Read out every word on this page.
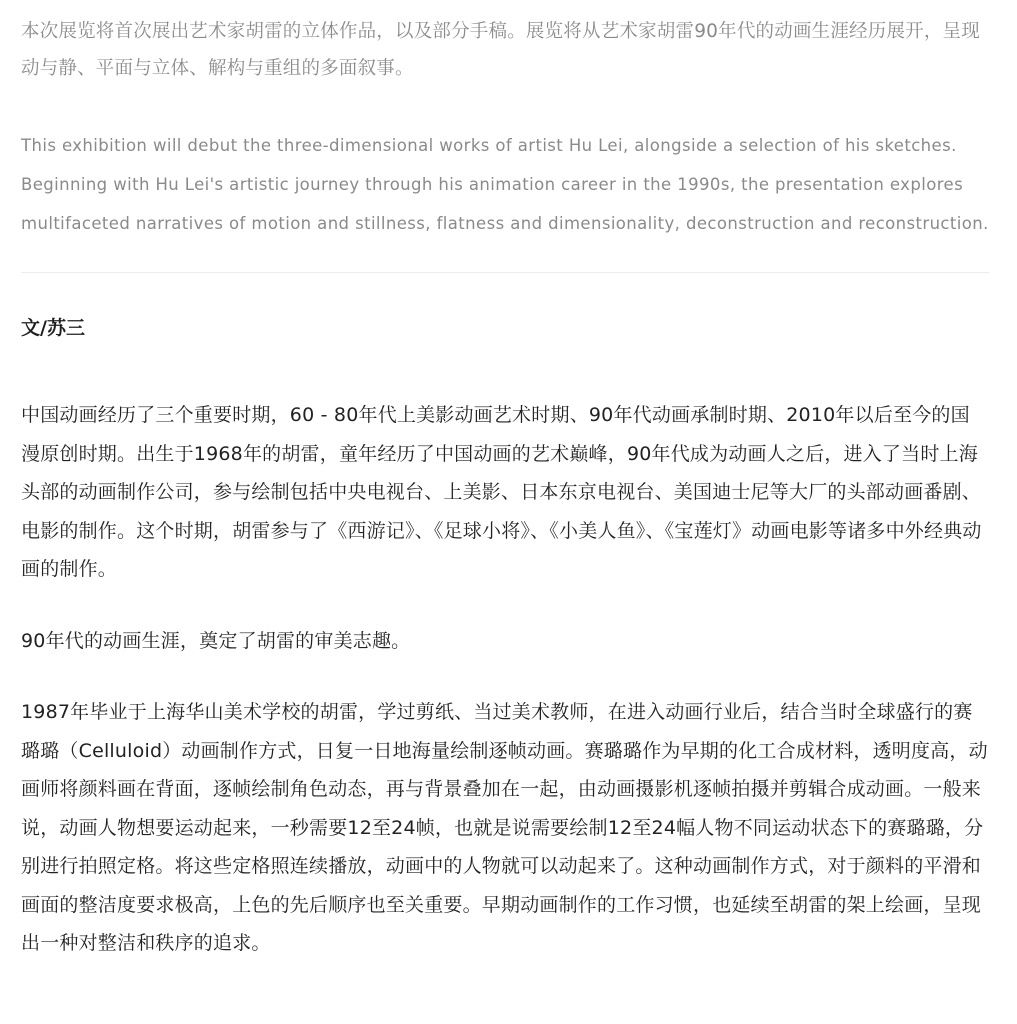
本次展览将首次展出艺术家胡雷的立体作品，以及部分手稿。展览将从艺术家胡雷90年代的动画生涯经历展开，呈现动与静、平面与立体、解构与重组的多面叙事。

This exhibition will debut the three-dimensional works of artist Hu Lei, alongside a selection of his sketches. Beginning with Hu Lei's artistic journey through his animation career in the 1990s, the presentation explores multifaceted narratives of motion and stillness, flatness and dimensionality, deconstruction and reconstruction.

文/苏三

中国动画经历了三个重要时期，60 - 80年代上美影动画艺术时期、90年代动画承制时期、2010年以后至今的国漫原创时期。出生于1968年的胡雷，童年经历了中国动画的艺术巅峰，90年代成为动画人之后，进入了当时上海头部的动画制作公司，参与绘制包括中央电视台、上美影、日本东京电视台、美国迪士尼等大厂的头部动画番剧、电影的制作。这个时期，胡雷参与了《西游记》、《足球小将》、《小美人鱼》、《宝莲灯》动画电影等诸多中外经典动画的制作。

90年代的动画生涯，奠定了胡雷的审美志趣。

1987年毕业于上海华山美术学校的胡雷，学过剪纸、当过美术教师，在进入动画行业后，结合当时全球盛行的赛璐璐（Celluloid）动画制作方式，日复一日地海量绘制逐帧动画。赛璐璐作为早期的化工合成材料，透明度高，动画师将颜料画在背面，逐帧绘制角色动态，再与背景叠加在一起，由动画摄影机逐帧拍摄并剪辑合成动画。一般来说，动画人物想要运动起来，一秒需要12至24帧，也就是说需要绘制12至24幅人物不同运动状态下的赛璐璐，分别进行拍照定格。将这些定格照连续播放，动画中的人物就可以动起来了。这种动画制作方式，对于颜料的平滑和画面的整洁度要求极高，上色的先后顺序也至关重要。早期动画制作的工作习惯，也延续至胡雷的架上绘画，呈现出一种对整洁和秩序的追求。
